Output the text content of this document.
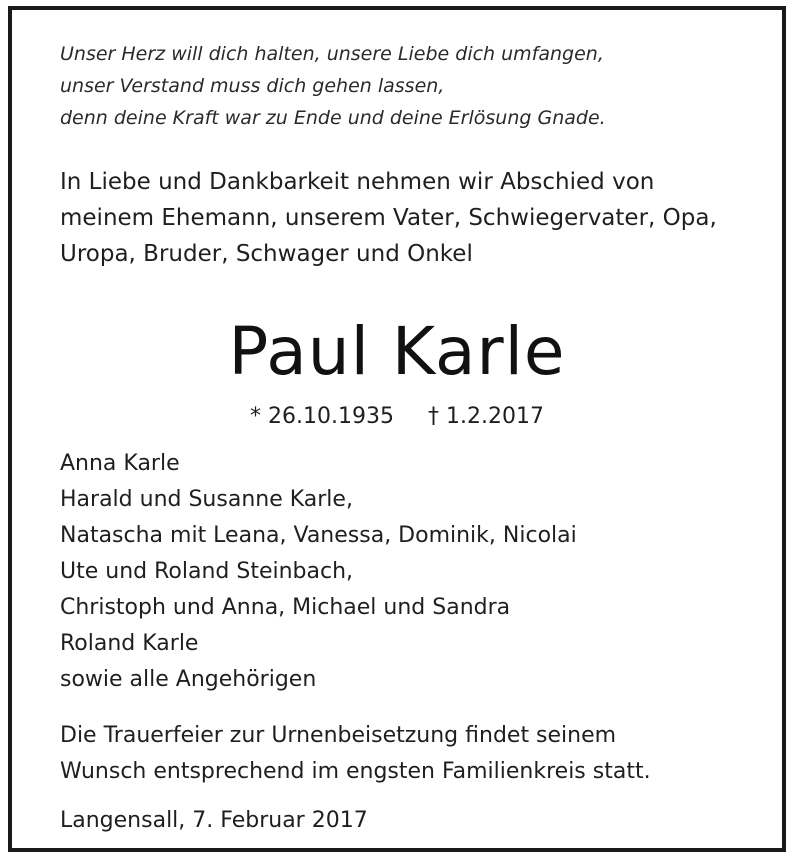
Unser Herz will dich halten, unsere Liebe dich umfangen,
unser Verstand muss dich gehen lassen,
denn deine Kraft war zu Ende und deine Erlösung Gnade.
In Liebe und Dankbarkeit nehmen wir Abschied von
meinem Ehemann, unserem Vater, Schwiegervater, Opa,
Uropa, Bruder, Schwager und Onkel
Paul Karle
* 26.10.1935 † 1.2.2017
Anna Karle
Harald und Susanne Karle,
Natascha mit Leana, Vanessa, Dominik, Nicolai
Ute und Roland Steinbach,
Christoph und Anna, Michael und Sandra
Roland Karle
sowie alle Angehörigen
Die Trauerfeier zur Urnenbeisetzung findet seinem
Wunsch entsprechend im engsten Familienkreis statt.
Langensall, 7. Februar 2017
